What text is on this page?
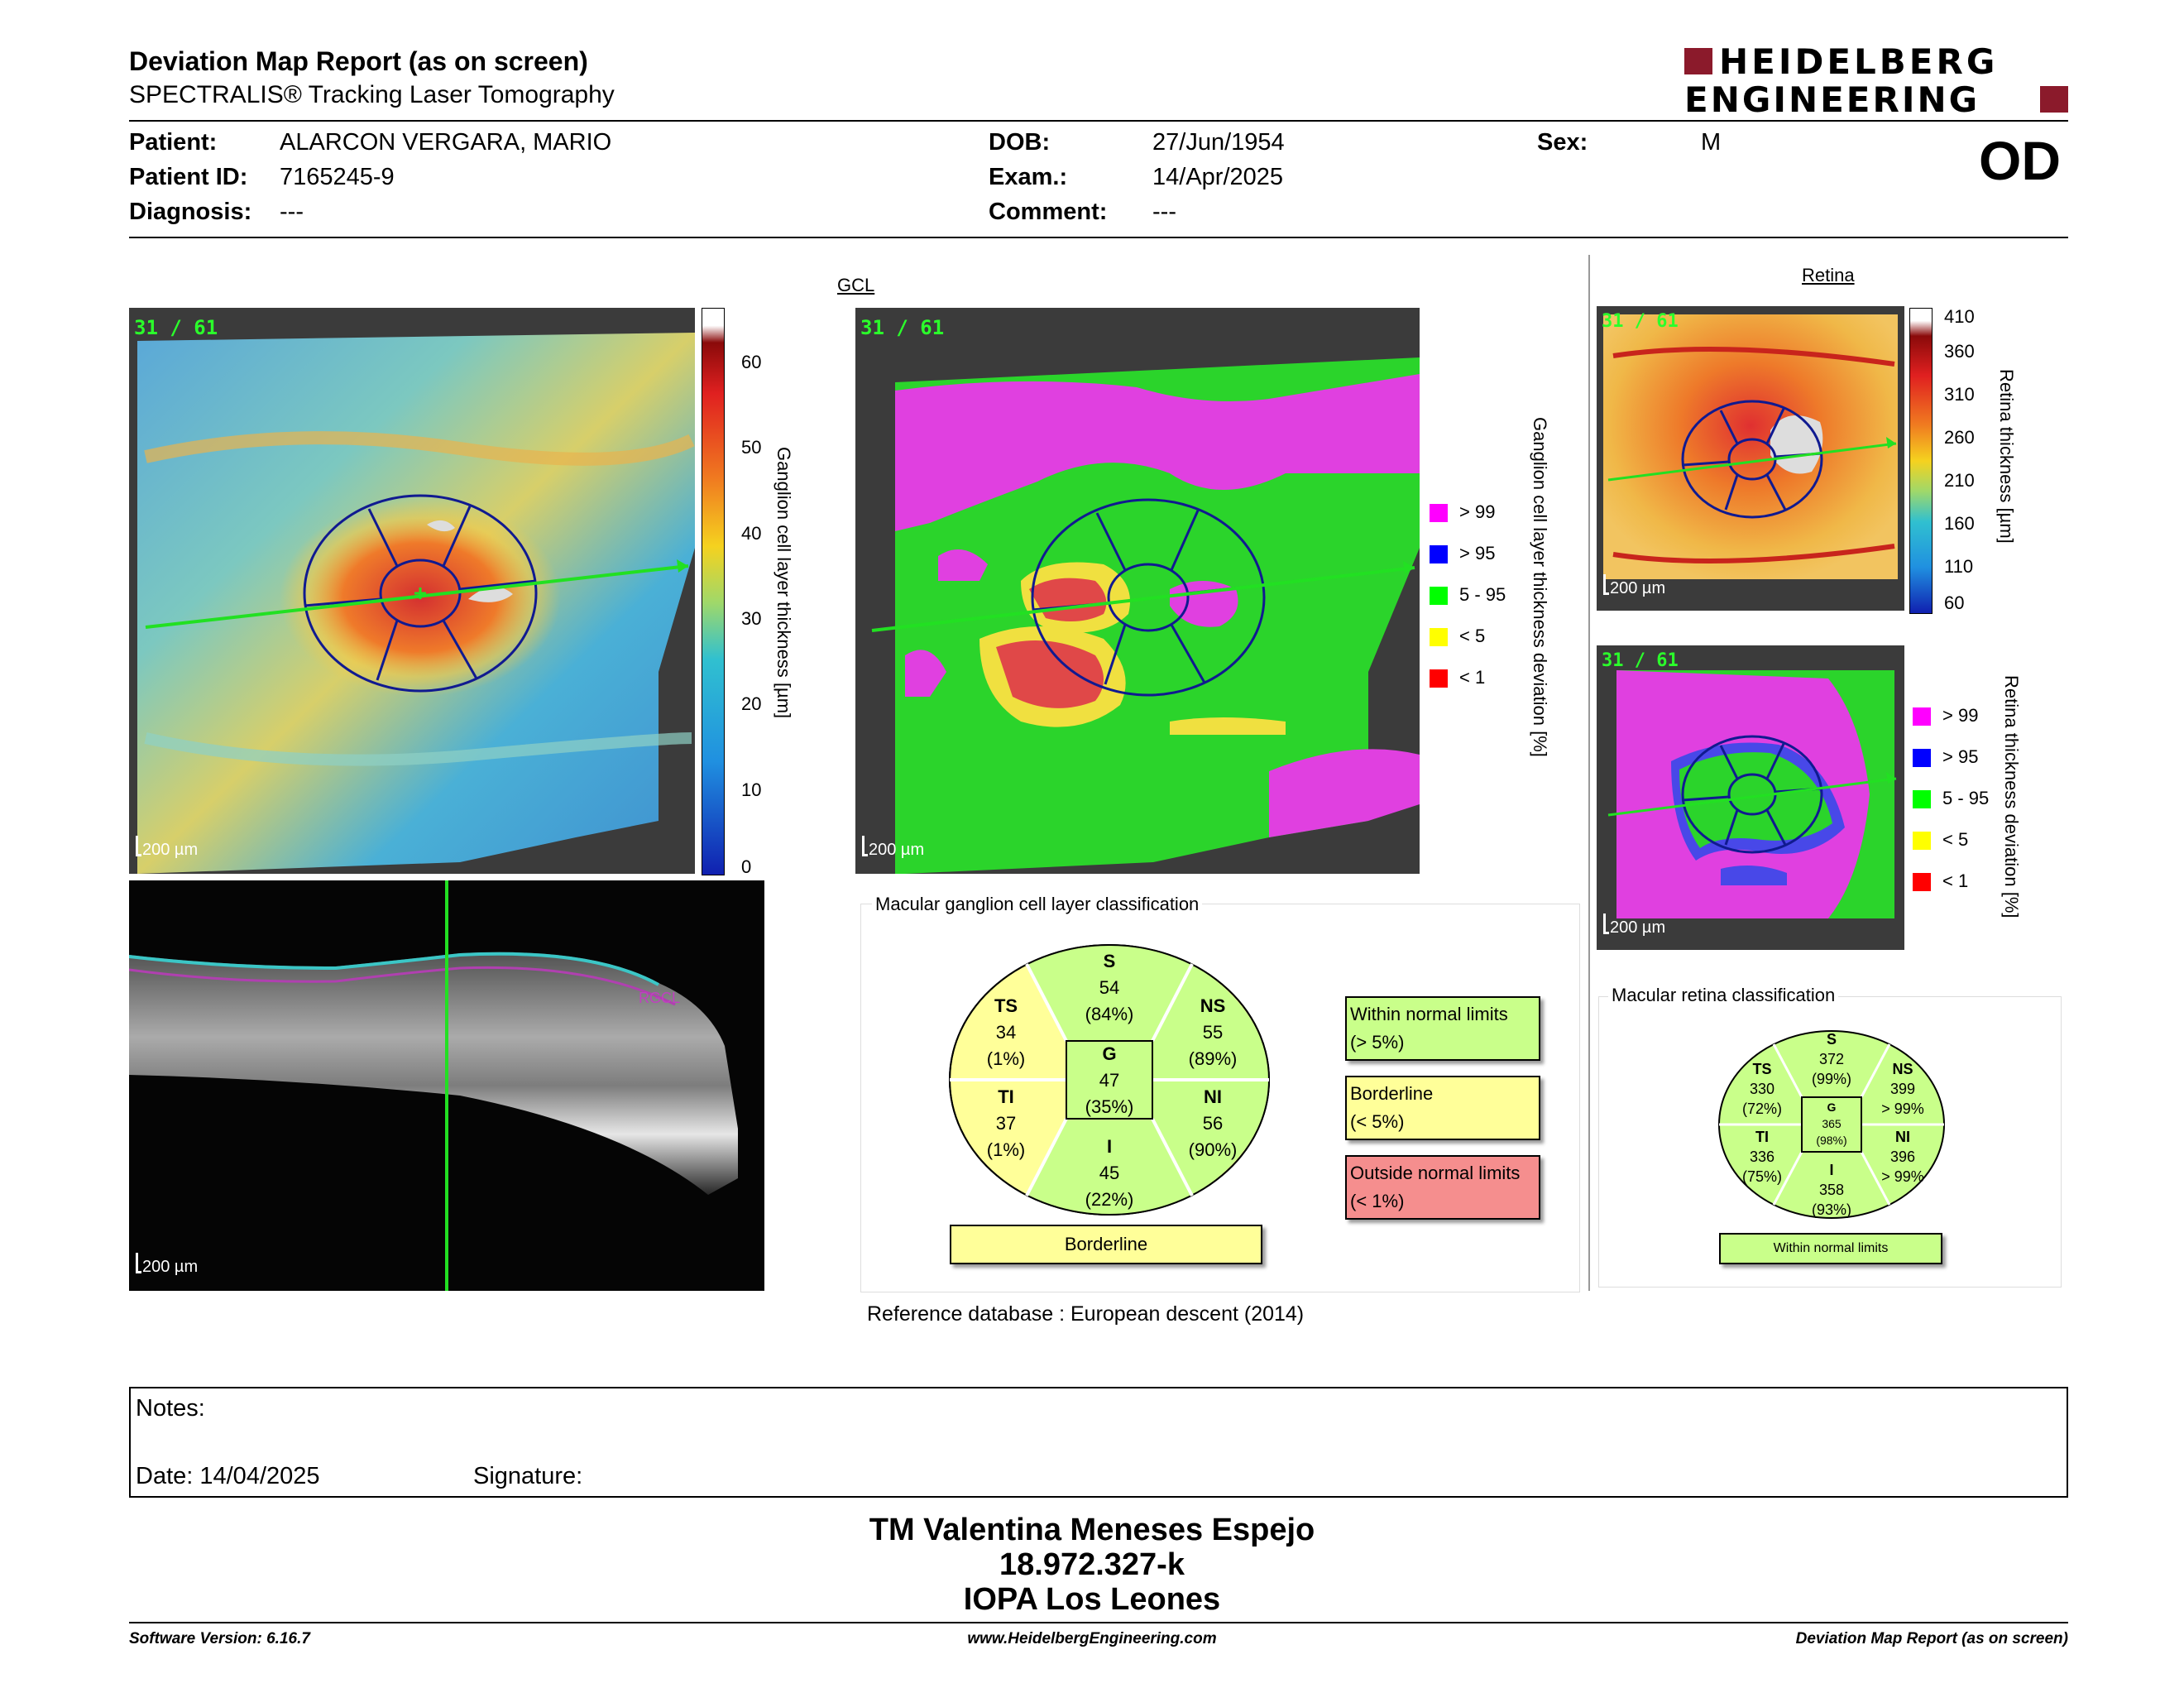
Deviation Map Report (as on screen)
SPECTRALIS® Tracking Laser Tomography
HEIDELBERG
ENGINEERING
Patient:	ALARCON VERGARA, MARIO
Patient ID: 7165245-9
Diagnosis: ---
DOB:	27/Jun/1954
Exam.:	14/Apr/2025
Comment: ---
Sex:	M	OD
31 / 61
200 µm
60
50
40
30
20
10
0
Ganglion cell layer thickness [µm]
RGCL
200 µm
GCL
31 / 61
200 µm
> 99
> 95
5 - 95
< 5
< 1 Ganglion cell layer thickness deviation [%]
Macular ganglion cell layer classification
S
54
(84%)
TS
34
(1%)
NS
55
(89%)
G
47
(35%)
TI
37
(1%)
NI
56
(90%)
I
45
(22%)
Borderline
Within normal limits
(> 5%)
Borderline
(< 5%)
Outside normal limits
(< 1%)
Reference database : European descent (2014)
Retina
31 / 61
200 µm
410
360
310
260
210
160
110
60
Retina thickness [µm]
31 / 61
200 µm
> 99
> 95
5 - 95
< 5
< 1 Retina thickness deviation [%]
Macular retina classification
S
372
(99%)
TS
330
(72%)
NS
399
> 99%
G
365
(98%)
TI
336
(75%)
NI
396
> 99%
I
358
(93%)
Within normal limits
Notes:
Date: 14/04/2025	Signature:
TM Valentina Meneses Espejo
18.972.327-k
IOPA Los Leones
Software Version: 6.16.7	www.HeidelbergEngineering.com	Deviation Map Report (as on screen)
